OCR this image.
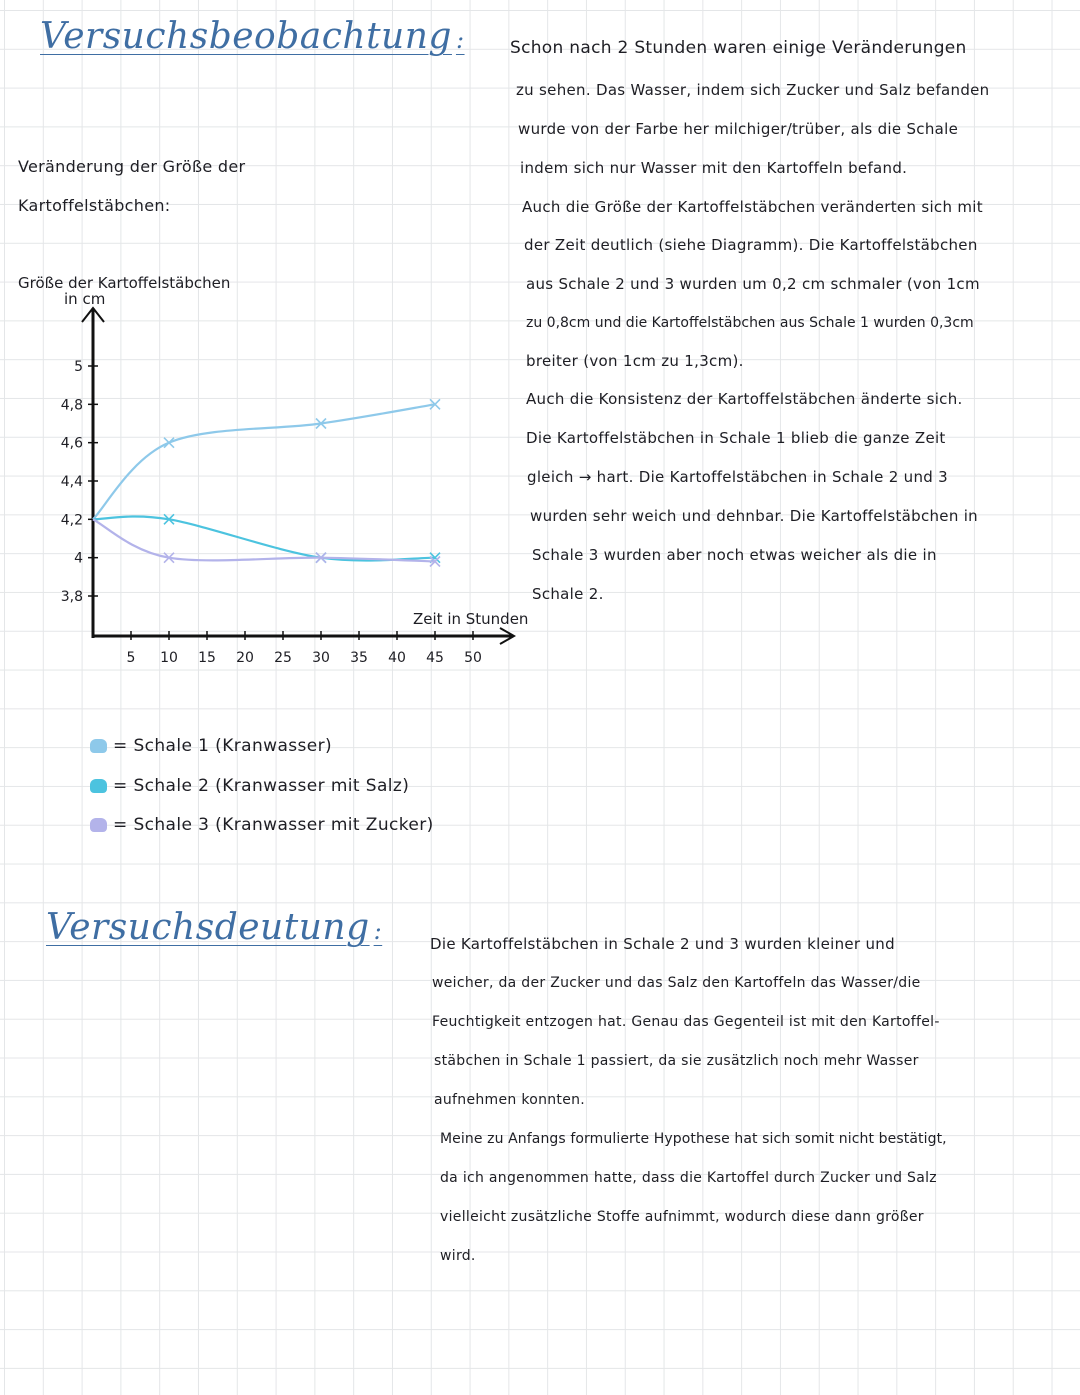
Versuchsbeobachtung :	Schon nach 2 Stunden waren einige Veränderungen
zu sehen. Das Wasser, indem sich Zucker und Salz befanden
wurde von der Farbe her milchiger/trüber, als die Schale
indem sich nur Wasser mit den Kartoffeln befand.
Auch die Größe der Kartoffelstäbchen veränderten sich mit
der Zeit deutlich (siehe Diagramm). Die Kartoffelstäbchen
aus Schale 2 und 3 wurden um 0,2 cm schmaler (von 1cm
zu 0,8cm und die Kartoffelstäbchen aus Schale 1 wurden 0,3cm
breiter (von 1cm zu 1,3cm).
Auch die Konsistenz der Kartoffelstäbchen änderte sich.
Die Kartoffelstäbchen in Schale 1 blieb die ganze Zeit
gleich → hart. Die Kartoffelstäbchen in Schale 2 und 3
wurden sehr weich und dehnbar. Die Kartoffelstäbchen in
Schale 3 wurden aber noch etwas weicher als die in
Schale 2.
Veränderung der Größe der
Kartoffelstäbchen:
Größe der Kartoffelstäbchen
in cm
Zeit in Stunden
5 10 15 20 25 30 35 40 45 50
5
4,8
4,6
4,4
4,2
4
3,8
= Schale 1 (Kranwasser)
= Schale 2 (Kranwasser mit Salz)
= Schale 3 (Kranwasser mit Zucker)
Versuchsdeutung :	Die Kartoffelstäbchen in Schale 2 und 3 wurden kleiner und
weicher, da der Zucker und das Salz den Kartoffeln das Wasser/die
Feuchtigkeit entzogen hat. Genau das Gegenteil ist mit den Kartoffel-
stäbchen in Schale 1 passiert, da sie zusätzlich noch mehr Wasser
aufnehmen konnten.
Meine zu Anfangs formulierte Hypothese hat sich somit nicht bestätigt,
da ich angenommen hatte, dass die Kartoffel durch Zucker und Salz
vielleicht zusätzliche Stoffe aufnimmt, wodurch diese dann größer
wird.
